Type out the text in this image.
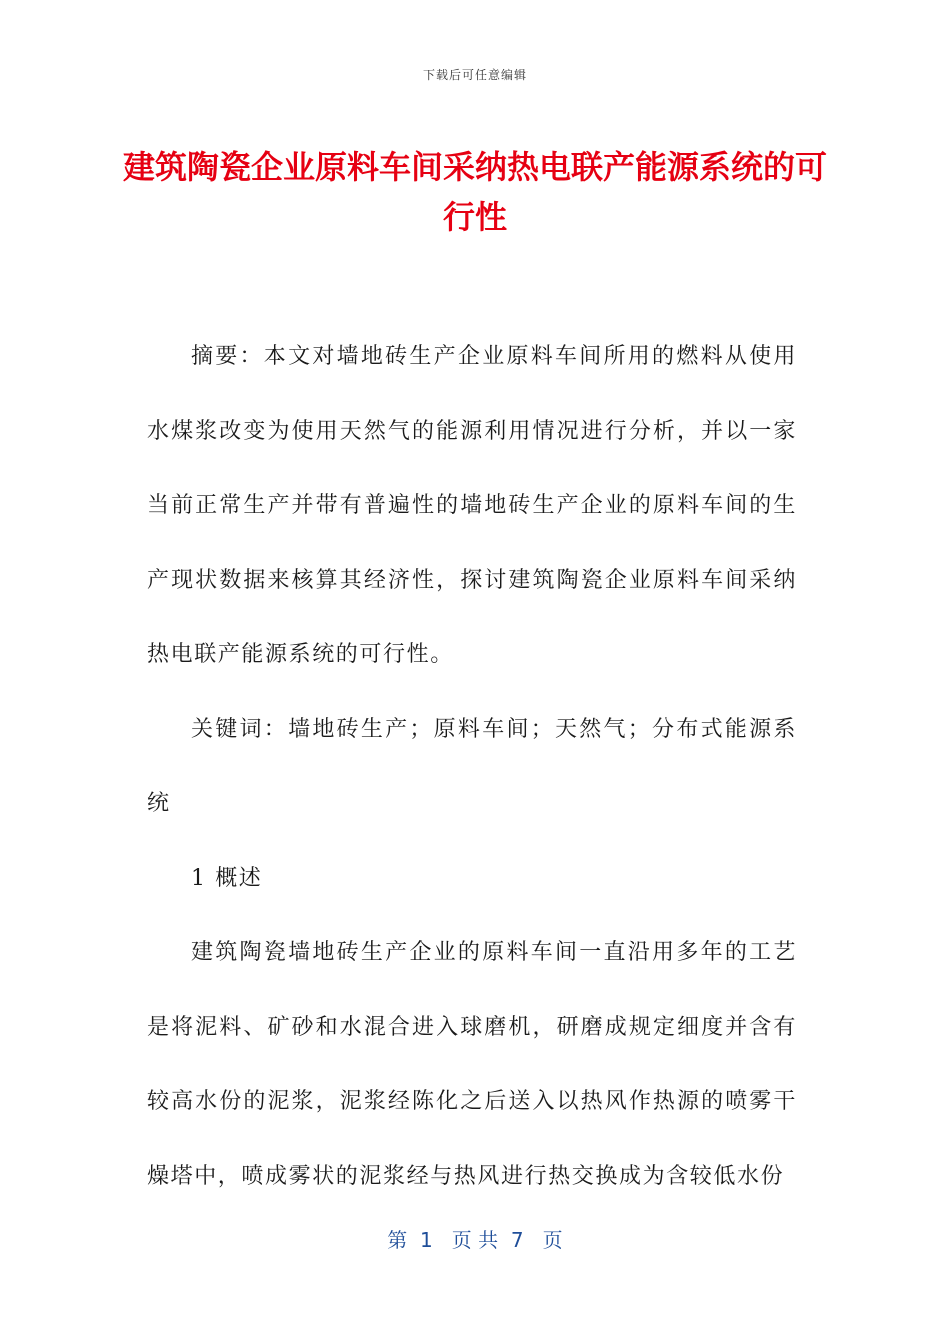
下载后可任意编辑
建筑陶瓷企业原料车间采纳热电联产能源系统的可行性

摘要：本文对墙地砖生产企业原料车间所用的燃料从使用水煤浆改变为使用天然气的能源利用情况进行分析，并以一家当前正常生产并带有普遍性的墙地砖生产企业的原料车间的生产现状数据来核算其经济性，探讨建筑陶瓷企业原料车间采纳热电联产能源系统的可行性。

关键词：墙地砖生产；原料车间；天然气；分布式能源系统

1 概述

建筑陶瓷墙地砖生产企业的原料车间一直沿用多年的工艺是将泥料、矿砂和水混合进入球磨机，研磨成规定细度并含有较高水份的泥浆，泥浆经陈化之后送入以热风作热源的喷雾干燥塔中，喷成雾状的泥浆经与热风进行热交换成为含较低水份

第  1   页 共  7   页
